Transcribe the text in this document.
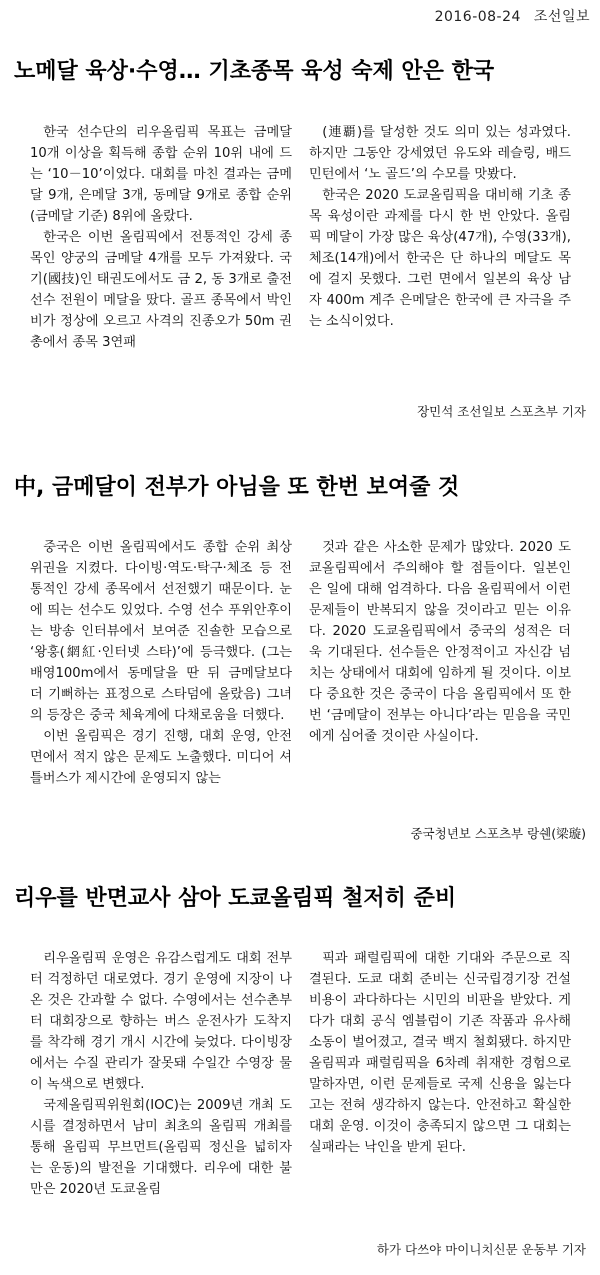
2016-08-24 조선일보
노메달 육상·수영… 기초종목 육성 숙제 안은 한국

한국 선수단의 리우올림픽 목표는 금메달 10개 이상을 획득해 종합 순위 10위 내에 드는 ‘10－10’이었다. 대회를 마친 결과는 금메달 9개, 은메달 3개, 동메달 9개로 종합 순위(금메달 기준) 8위에 올랐다.

한국은 이번 올림픽에서 전통적인 강세 종목인 양궁의 금메달 4개를 모두 가져왔다. 국기(國技)인 태권도에서도 금 2, 동 3개로 출전 선수 전원이 메달을 땄다. 골프 종목에서 박인비가 정상에 오르고 사격의 진종오가 50m 권총에서 종목 3연패

(連覇)를 달성한 것도 의미 있는 성과였다. 하지만 그동안 강세였던 유도와 레슬링, 배드민턴에서 ‘노 골드’의 수모를 맛봤다.

한국은 2020 도쿄올림픽을 대비해 기초 종목 육성이란 과제를 다시 한 번 안았다. 올림픽 메달이 가장 많은 육상(47개), 수영(33개), 체조(14개)에서 한국은 단 하나의 메달도 목에 걸지 못했다. 그런 면에서 일본의 육상 남자 400m 계주 은메달은 한국에 큰 자극을 주는 소식이었다.

장민석 조선일보 스포츠부 기자
中, 금메달이 전부가 아님을 또 한번 보여줄 것

중국은 이번 올림픽에서도 종합 순위 최상위권을 지켰다. 다이빙·역도·탁구·체조 등 전통적인 강세 종목에서 선전했기 때문이다. 눈에 띄는 선수도 있었다. 수영 선수 푸위안후이는 방송 인터뷰에서 보여준 진솔한 모습으로 ‘왕훙(網紅·인터넷 스타)’에 등극했다. (그는 배영100m에서 동메달을 딴 뒤 금메달보다 더 기뻐하는 표정으로 스타덤에 올랐음) 그녀의 등장은 중국 체육계에 다채로움을 더했다.

이번 올림픽은 경기 진행, 대회 운영, 안전 면에서 적지 않은 문제도 노출했다. 미디어 셔틀버스가 제시간에 운영되지 않는

것과 같은 사소한 문제가 많았다. 2020 도쿄올림픽에서 주의해야 할 점들이다. 일본인은 일에 대해 엄격하다. 다음 올림픽에서 이런 문제들이 반복되지 않을 것이라고 믿는 이유다. 2020 도쿄올림픽에서 중국의 성적은 더욱 기대된다. 선수들은 안정적이고 자신감 넘치는 상태에서 대회에 임하게 될 것이다. 이보다 중요한 것은 중국이 다음 올림픽에서 또 한 번 ‘금메달이 전부는 아니다’라는 믿음을 국민에게 심어줄 것이란 사실이다.

중국청년보 스포츠부 랑쉔(梁璇)
리우를 반면교사 삼아 도쿄올림픽 철저히 준비

리우올림픽 운영은 유감스럽게도 대회 전부터 걱정하던 대로였다. 경기 운영에 지장이 나온 것은 간과할 수 없다. 수영에서는 선수촌부터 대회장으로 향하는 버스 운전사가 도착지를 착각해 경기 개시 시간에 늦었다. 다이빙장에서는 수질 관리가 잘못돼 수일간 수영장 물이 녹색으로 변했다.

국제올림픽위원회(IOC)는 2009년 개최 도시를 결정하면서 남미 최초의 올림픽 개최를 통해 올림픽 무브먼트(올림픽 정신을 넓히자는 운동)의 발전을 기대했다. 리우에 대한 불만은 2020년 도쿄올림

픽과 패럴림픽에 대한 기대와 주문으로 직결된다. 도쿄 대회 준비는 신국립경기장 건설 비용이 과다하다는 시민의 비판을 받았다. 게다가 대회 공식 엠블럼이 기존 작품과 유사해 소동이 벌어졌고, 결국 백지 철회됐다. 하지만 올림픽과 패럴림픽을 6차례 취재한 경험으로 말하자면, 이런 문제들로 국제 신용을 잃는다고는 전혀 생각하지 않는다. 안전하고 확실한 대회 운영. 이것이 충족되지 않으면 그 대회는 실패라는 낙인을 받게 된다.

하가 다쓰야 마이니치신문 운동부 기자
